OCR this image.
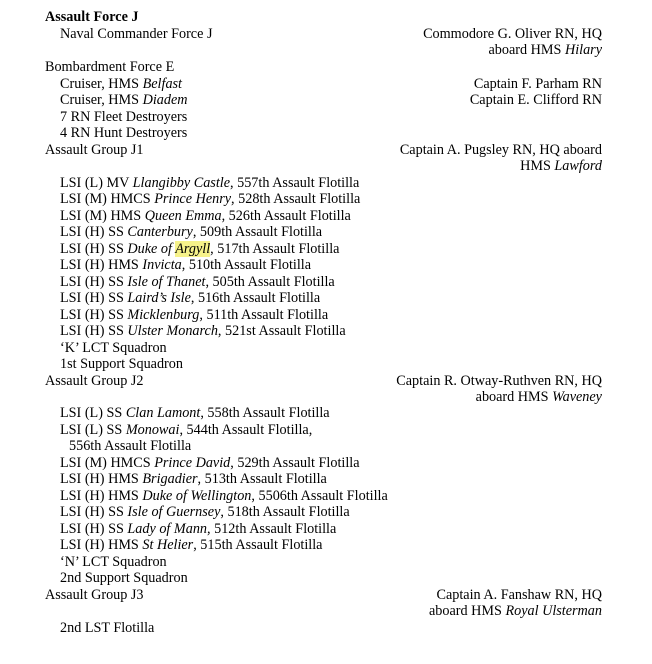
Assault Force J
Naval Commander Force J	Commodore G. Oliver RN, HQ
aboard HMS Hilary
Bombardment Force E
Cruiser, HMS Belfast	Captain F. Parham RN
Cruiser, HMS Diadem	Captain E. Clifford RN
7 RN Fleet Destroyers
4 RN Hunt Destroyers
Assault Group J1	Captain A. Pugsley RN, HQ aboard
HMS Lawford
LSI (L) MV Llangibby Castle, 557th Assault Flotilla
LSI (M) HMCS Prince Henry, 528th Assault Flotilla
LSI (M) HMS Queen Emma, 526th Assault Flotilla
LSI (H) SS Canterbury, 509th Assault Flotilla
LSI (H) SS Duke of Argyll, 517th Assault Flotilla
LSI (H) HMS Invicta, 510th Assault Flotilla
LSI (H) SS Isle of Thanet, 505th Assault Flotilla
LSI (H) SS Laird’s Isle, 516th Assault Flotilla
LSI (H) SS Micklenburg, 511th Assault Flotilla
LSI (H) SS Ulster Monarch, 521st Assault Flotilla
‘K’ LCT Squadron
1st Support Squadron
Assault Group J2	Captain R. Otway-Ruthven RN, HQ
aboard HMS Waveney
LSI (L) SS Clan Lamont, 558th Assault Flotilla
LSI (L) SS Monowai, 544th Assault Flotilla,
556th Assault Flotilla
LSI (M) HMCS Prince David, 529th Assault Flotilla
LSI (H) HMS Brigadier, 513th Assault Flotilla
LSI (H) HMS Duke of Wellington, 5506th Assault Flotilla
LSI (H) SS Isle of Guernsey, 518th Assault Flotilla
LSI (H) SS Lady of Mann, 512th Assault Flotilla
LSI (H) HMS St Helier, 515th Assault Flotilla
‘N’ LCT Squadron
2nd Support Squadron
Assault Group J3	Captain A. Fanshaw RN, HQ
aboard HMS Royal Ulsterman
2nd LST Flotilla
